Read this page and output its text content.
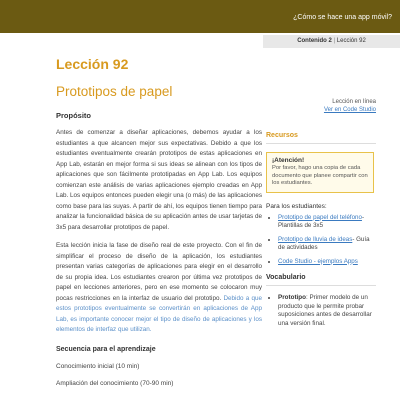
¿Cómo se hace una app móvil?
Contenido 2 | Lección 92
Lección 92
Prototipos de papel
Propósito

Antes de comenzar a diseñar aplicaciones, debemos ayudar a los estudiantes a que alcancen mejor sus expectativas. Debido a que los estudiantes eventualmente crearán prototipos de estas aplicaciones en App Lab, estarán en mejor forma si sus ideas se alinean con los tipos de aplicaciones que son fácilmente prototipadas en App Lab. Los equipos comienzan este análisis de varias aplicaciones ejemplo creadas en App Lab. Los equipos entonces pueden elegir una (o más) de las aplicaciones como base para las suyas. A partir de ahí, los equipos tienen tiempo para analizar la funcionalidad básica de su aplicación antes de usar tarjetas de 3x5 para desarrollar prototipos de papel.

Esta lección inicia la fase de diseño real de este proyecto. Con el fin de simplificar el proceso de diseño de la aplicación, los estudiantes presentan varias categorías de aplicaciones para elegir en el desarrollo de su propia idea. Los estudiantes crearon por última vez prototipos de papel en lecciones anteriores, pero en ese momento se colocaron muy pocas restricciones en la interfaz de usuario del prototipo. Debido a que estos prototipos eventualmente se convertirán en aplicaciones de App Lab, es importante conocer mejor el tipo de diseño de aplicaciones y los elementos de interfaz que utilizan.

Secuencia para el aprendizaje

Conocimiento inicial (10 min)

Ampliación del conocimiento (70-90 min)

Lección en línea
Ver en Code Studio
Recursos
¡Atención!
Por favor, hago una copia de cada documento que planee compartir con los estudiantes.
Para los estudiantes:
• Prototipo de papel del teléfono- Plantillas de 3x5
• Prototipo de lluvia de ideas- Guía de actividades
• Code Studio - ejemplos Apps
Vocabulario
• Prototipo: Primer modelo de un producto que le permite probar suposiciones antes de desarrollar una versión final.
